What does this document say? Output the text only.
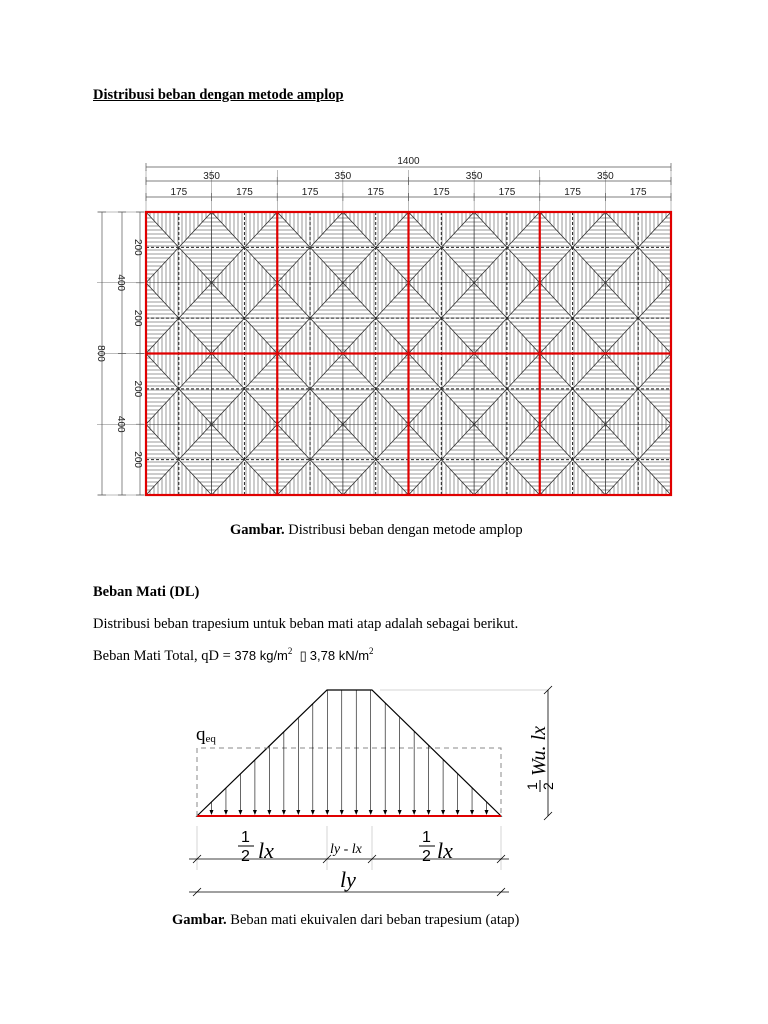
Distribusi beban dengan metode amplop
1400
350	350	350	350
175	175	175	175	175	175	175	175
800
400
400
200
200
200
200
Gambar. Distribusi beban dengan metode amplop
Beban Mati (DL)
Distribusi beban trapesium untuk beban mati atap adalah sebagai berikut.
Beban Mati Total, qD = 378 $kg/m^2$ ▯ 3,78 $kN/m^2$
qeq
1
2 lx	ly - lx
1
2 lx
ly
1 2
Wu. lx
Gambar. Beban mati ekuivalen dari beban trapesium (atap)
